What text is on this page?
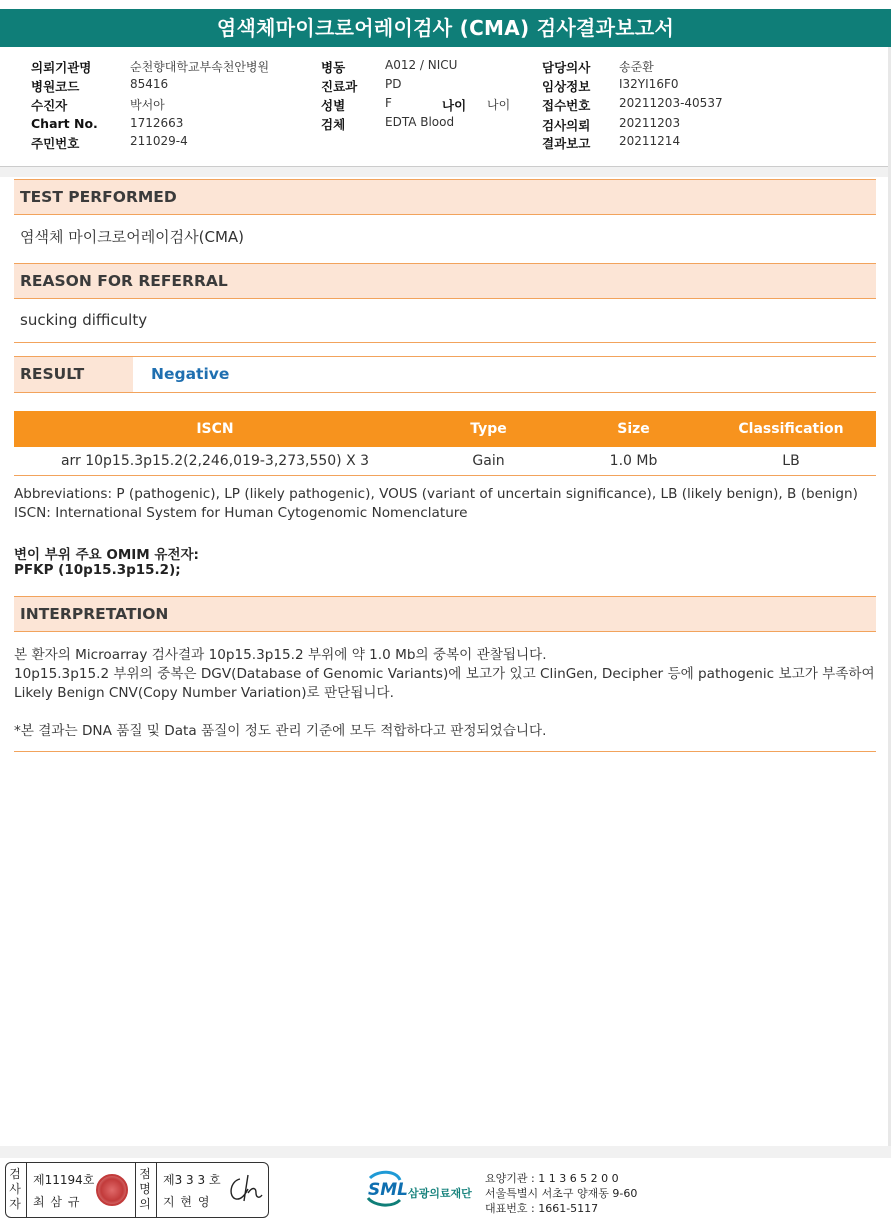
염색체마이크로어레이검사 (CMA) 검사결과보고서
의뢰기관명	순천향대학교부속천안병원
병원코드	85416
수진자	박서아
Chart No.	1712663
주민번호	211029-4
병동	A012 / NICU
진료과 PD
성별	F	나이 나이
검체	EDTA Blood
담당의사 송준환
임상정보 I32YI16F0
접수번호 20211203-40537
검사의뢰 20211203
결과보고 20211214
TEST PERFORMED
염색체 마이크로어레이검사(CMA)
REASON FOR REFERRAL
sucking difficulty
RESULT	Negative
ISCN	Type	Size	Classification
arr 10p15.3p15.2(2,246,019-3,273,550) X 3	Gain	1.0 Mb	LB
Abbreviations: P (pathogenic), LP (likely pathogenic), VOUS (variant of uncertain significance), LB (likely benign), B (benign)
ISCN: International System for Human Cytogenomic Nomenclature
변이 부위 주요 OMIM 유전자:
PFKP (10p15.3p15.2);
INTERPRETATION
본 환자의 Microarray 검사결과 10p15.3p15.2 부위에 약 1.0 Mb의 중복이 관찰됩니다.
10p15.3p15.2 부위의 중복은 DGV(Database of Genomic Variants)에 보고가 있고 ClinGen, Decipher 등에 pathogenic 보고가 부족하여
Likely Benign CNV(Copy Number Variation)로 판단됩니다.
*본 결과는 DNA 품질 및 Data 품질이 정도 관리 기준에 모두 적합하다고 판정되었습니다.
검
사
자
제11194호
최 삼 규
점
명
의
제3 3 3 호
지 현 영
SML 삼광의료재단
요양기관 : 1 1 3 6 5 2 0 0
서울특별시 서초구 양재동 9-60
대표번호 : 1661-5117
